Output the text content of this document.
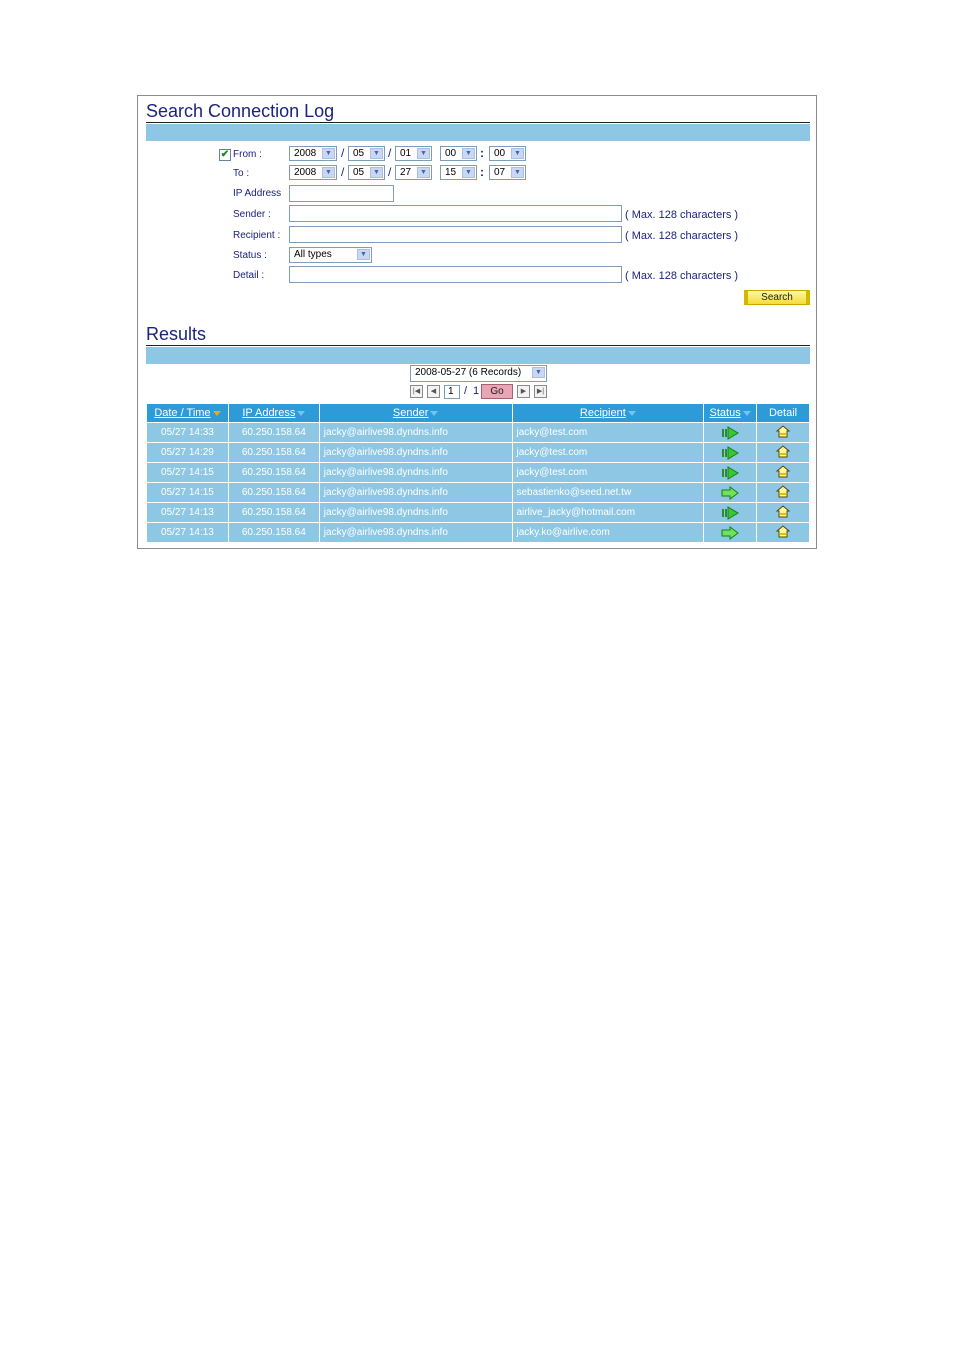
Search Connection Log
✔ From :	2008	▼ / 05	▼ / 01	▼	00	▼ : 00	▼
To :	2008	▼ / 05	▼ / 27	▼	15	▼ : 07	▼
IP Address
Sender :	( Max. 128 characters )
Recipient :	( Max. 128 characters )
Status :	All types	▼
Detail :	( Max. 128 characters )
Search
Results
2008-05-27 (6 Records)	▼
|◀	◀	1 / 1	Go	▶	▶|
Date / Time	IP Address	Sender	Recipient	Status	Detail
05/27 14:33	60.250.158.64	jacky@airlive98.dyndns.info	jacky@test.com		
05/27 14:29	60.250.158.64	jacky@airlive98.dyndns.info	jacky@test.com		
05/27 14:15	60.250.158.64	jacky@airlive98.dyndns.info	jacky@test.com		
05/27 14:15	60.250.158.64	jacky@airlive98.dyndns.info	sebastienko@seed.net.tw		
05/27 14:13	60.250.158.64	jacky@airlive98.dyndns.info	airlive_jacky@hotmail.com		
05/27 14:13	60.250.158.64	jacky@airlive98.dyndns.info	jacky.ko@airlive.com		
